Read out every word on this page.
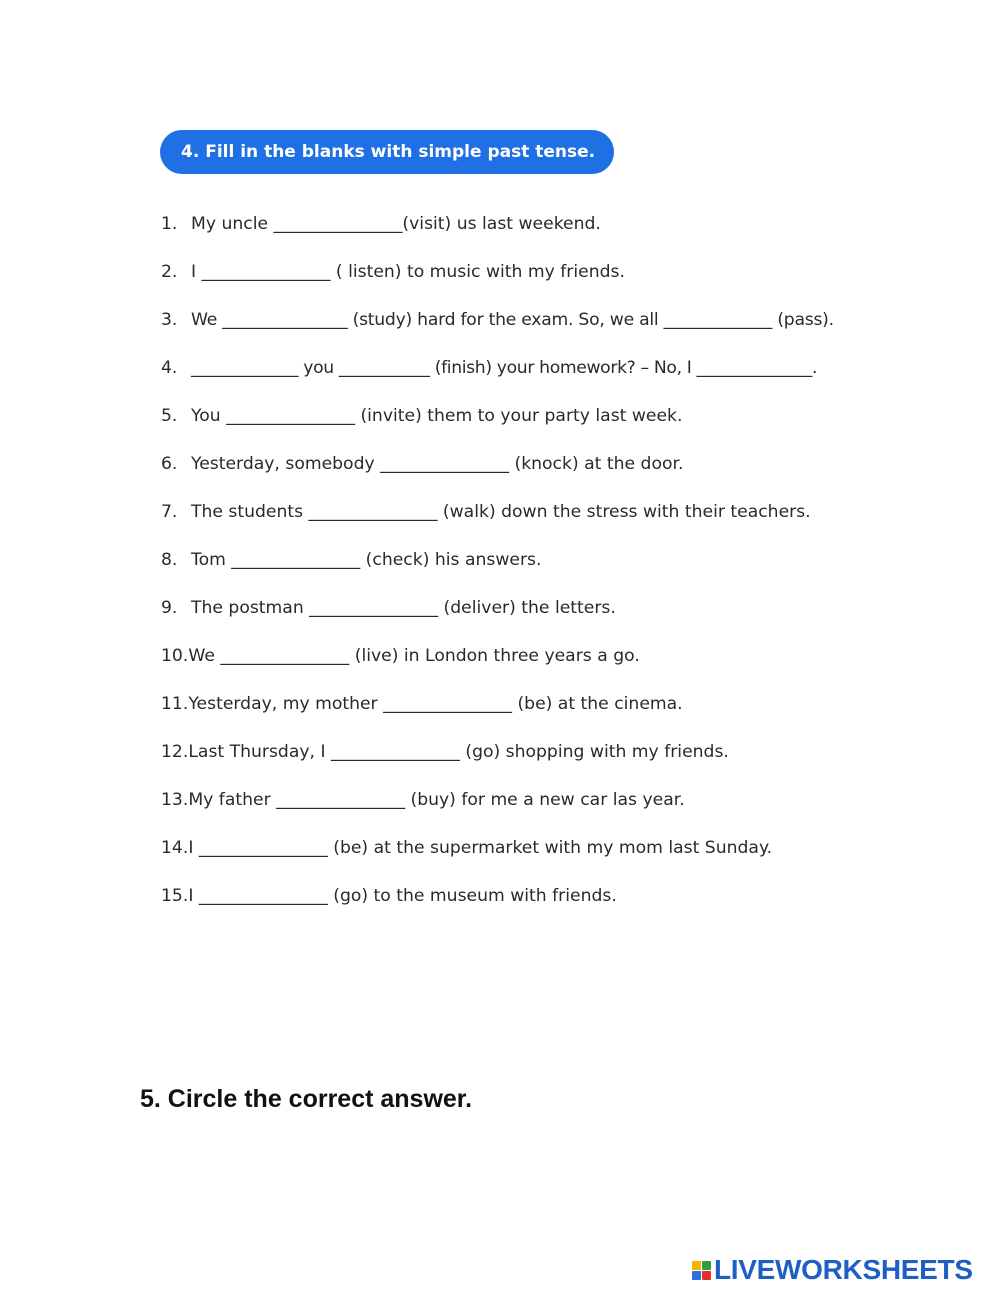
4. Fill in the blanks with simple past tense.
1. My uncle _______________(visit) us last weekend.
2. I _______________ ( listen) to music with my friends.
3. We _______________ (study) hard for the exam. So, we all _____________ (pass).
4. _____________ you ___________ (finish) your homework? – No, I ______________.
5. You _______________ (invite) them to your party last week.
6. Yesterday, somebody _______________ (knock) at the door.
7. The students _______________ (walk) down the stress with their teachers.
8. Tom _______________ (check) his answers.
9. The postman _______________ (deliver) the letters.
10.We _______________ (live) in London three years a go.
11.Yesterday, my mother _______________ (be) at the cinema.
12.Last Thursday, I _______________ (go) shopping with my friends.
13.My father _______________ (buy) for me a new car las year.
14.I _______________ (be) at the supermarket with my mom last Sunday.
15.I _______________ (go) to the museum with friends.
5. Circle the correct answer.
LIVEWORKSHEETS
